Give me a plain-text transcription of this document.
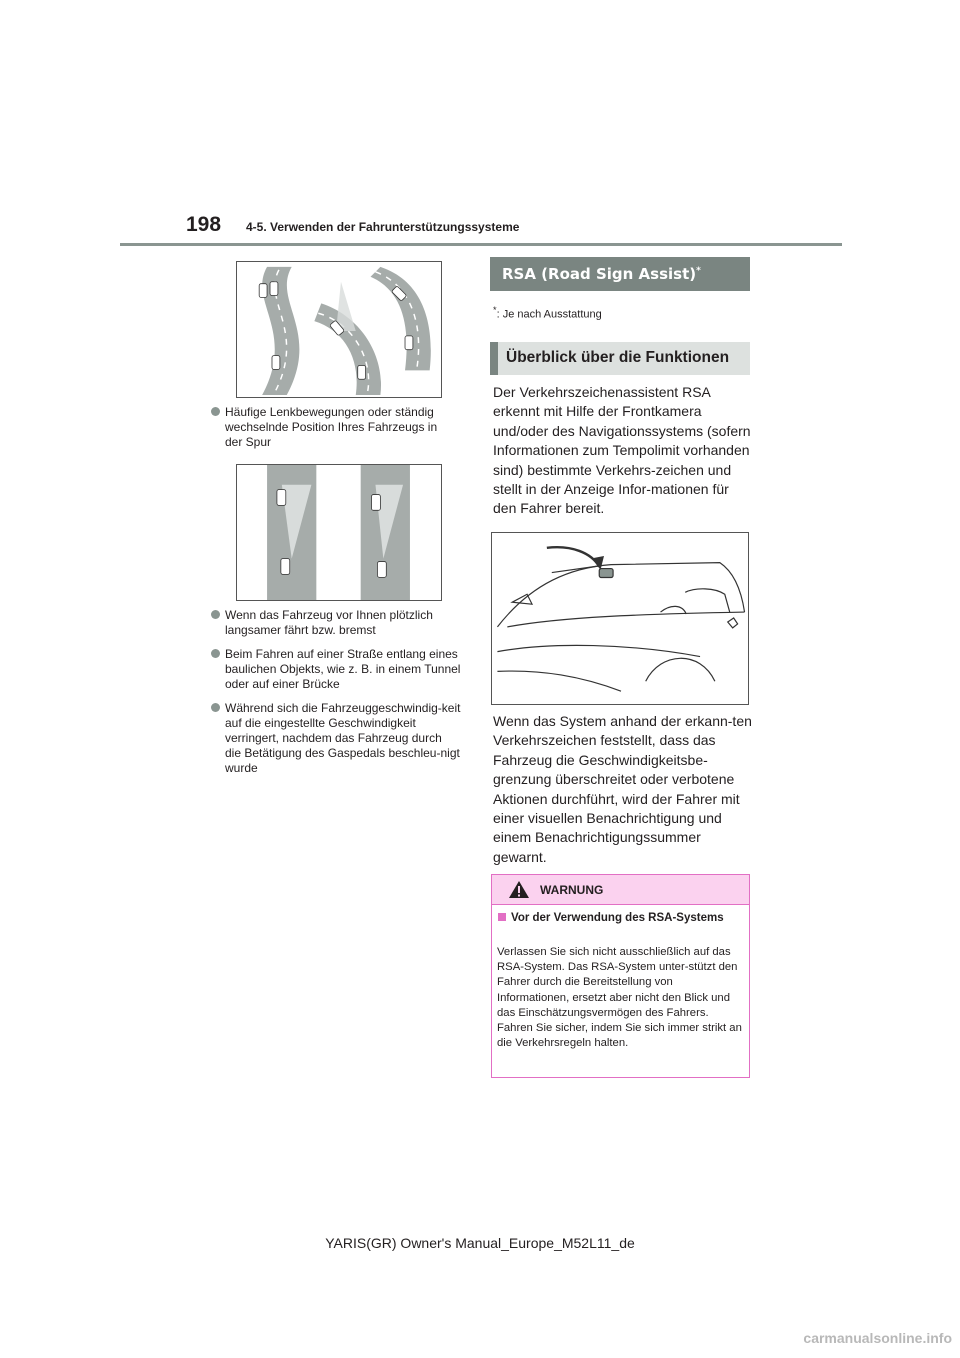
198 4-5. Verwenden der Fahrunterstützungssysteme
Häufige Lenkbewegungen oder ständig wechselnde Position Ihres Fahrzeugs in der Spur
Wenn das Fahrzeug vor Ihnen plötzlich langsamer fährt bzw. bremst
Beim Fahren auf einer Straße entlang eines baulichen Objekts, wie z. B. in einem Tunnel oder auf einer Brücke
Während sich die Fahrzeuggeschwindig-keit auf die eingestellte Geschwindigkeit verringert, nachdem das Fahrzeug durch die Betätigung des Gaspedals beschleu-nigt wurde
RSA (Road Sign Assist)*
*: Je nach Ausstattung
Überblick über die Funktionen
Der Verkehrszeichenassistent RSA erkennt mit Hilfe der Frontkamera und/oder des Navigationssystems (sofern Informationen zum Tempolimit vorhanden sind) bestimmte Verkehrs-zeichen und stellt in der Anzeige Infor-mationen für den Fahrer bereit.
Wenn das System anhand der erkann-ten Verkehrszeichen feststellt, dass das Fahrzeug die Geschwindigkeitsbe-grenzung überschreitet oder verbotene Aktionen durchführt, wird der Fahrer mit einer visuellen Benachrichtigung und einem Benachrichtigungssummer gewarnt.
WARNUNG
Vor der Verwendung des RSA-Systems
Verlassen Sie sich nicht ausschließlich auf das RSA-System. Das RSA-System unter-stützt den Fahrer durch die Bereitstellung von Informationen, ersetzt aber nicht den Blick und das Einschätzungsvermögen des Fahrers. Fahren Sie sicher, indem Sie sich immer strikt an die Verkehrsregeln halten.
YARIS(GR) Owner's Manual_Europe_M52L11_de
carmanualsonline.info
